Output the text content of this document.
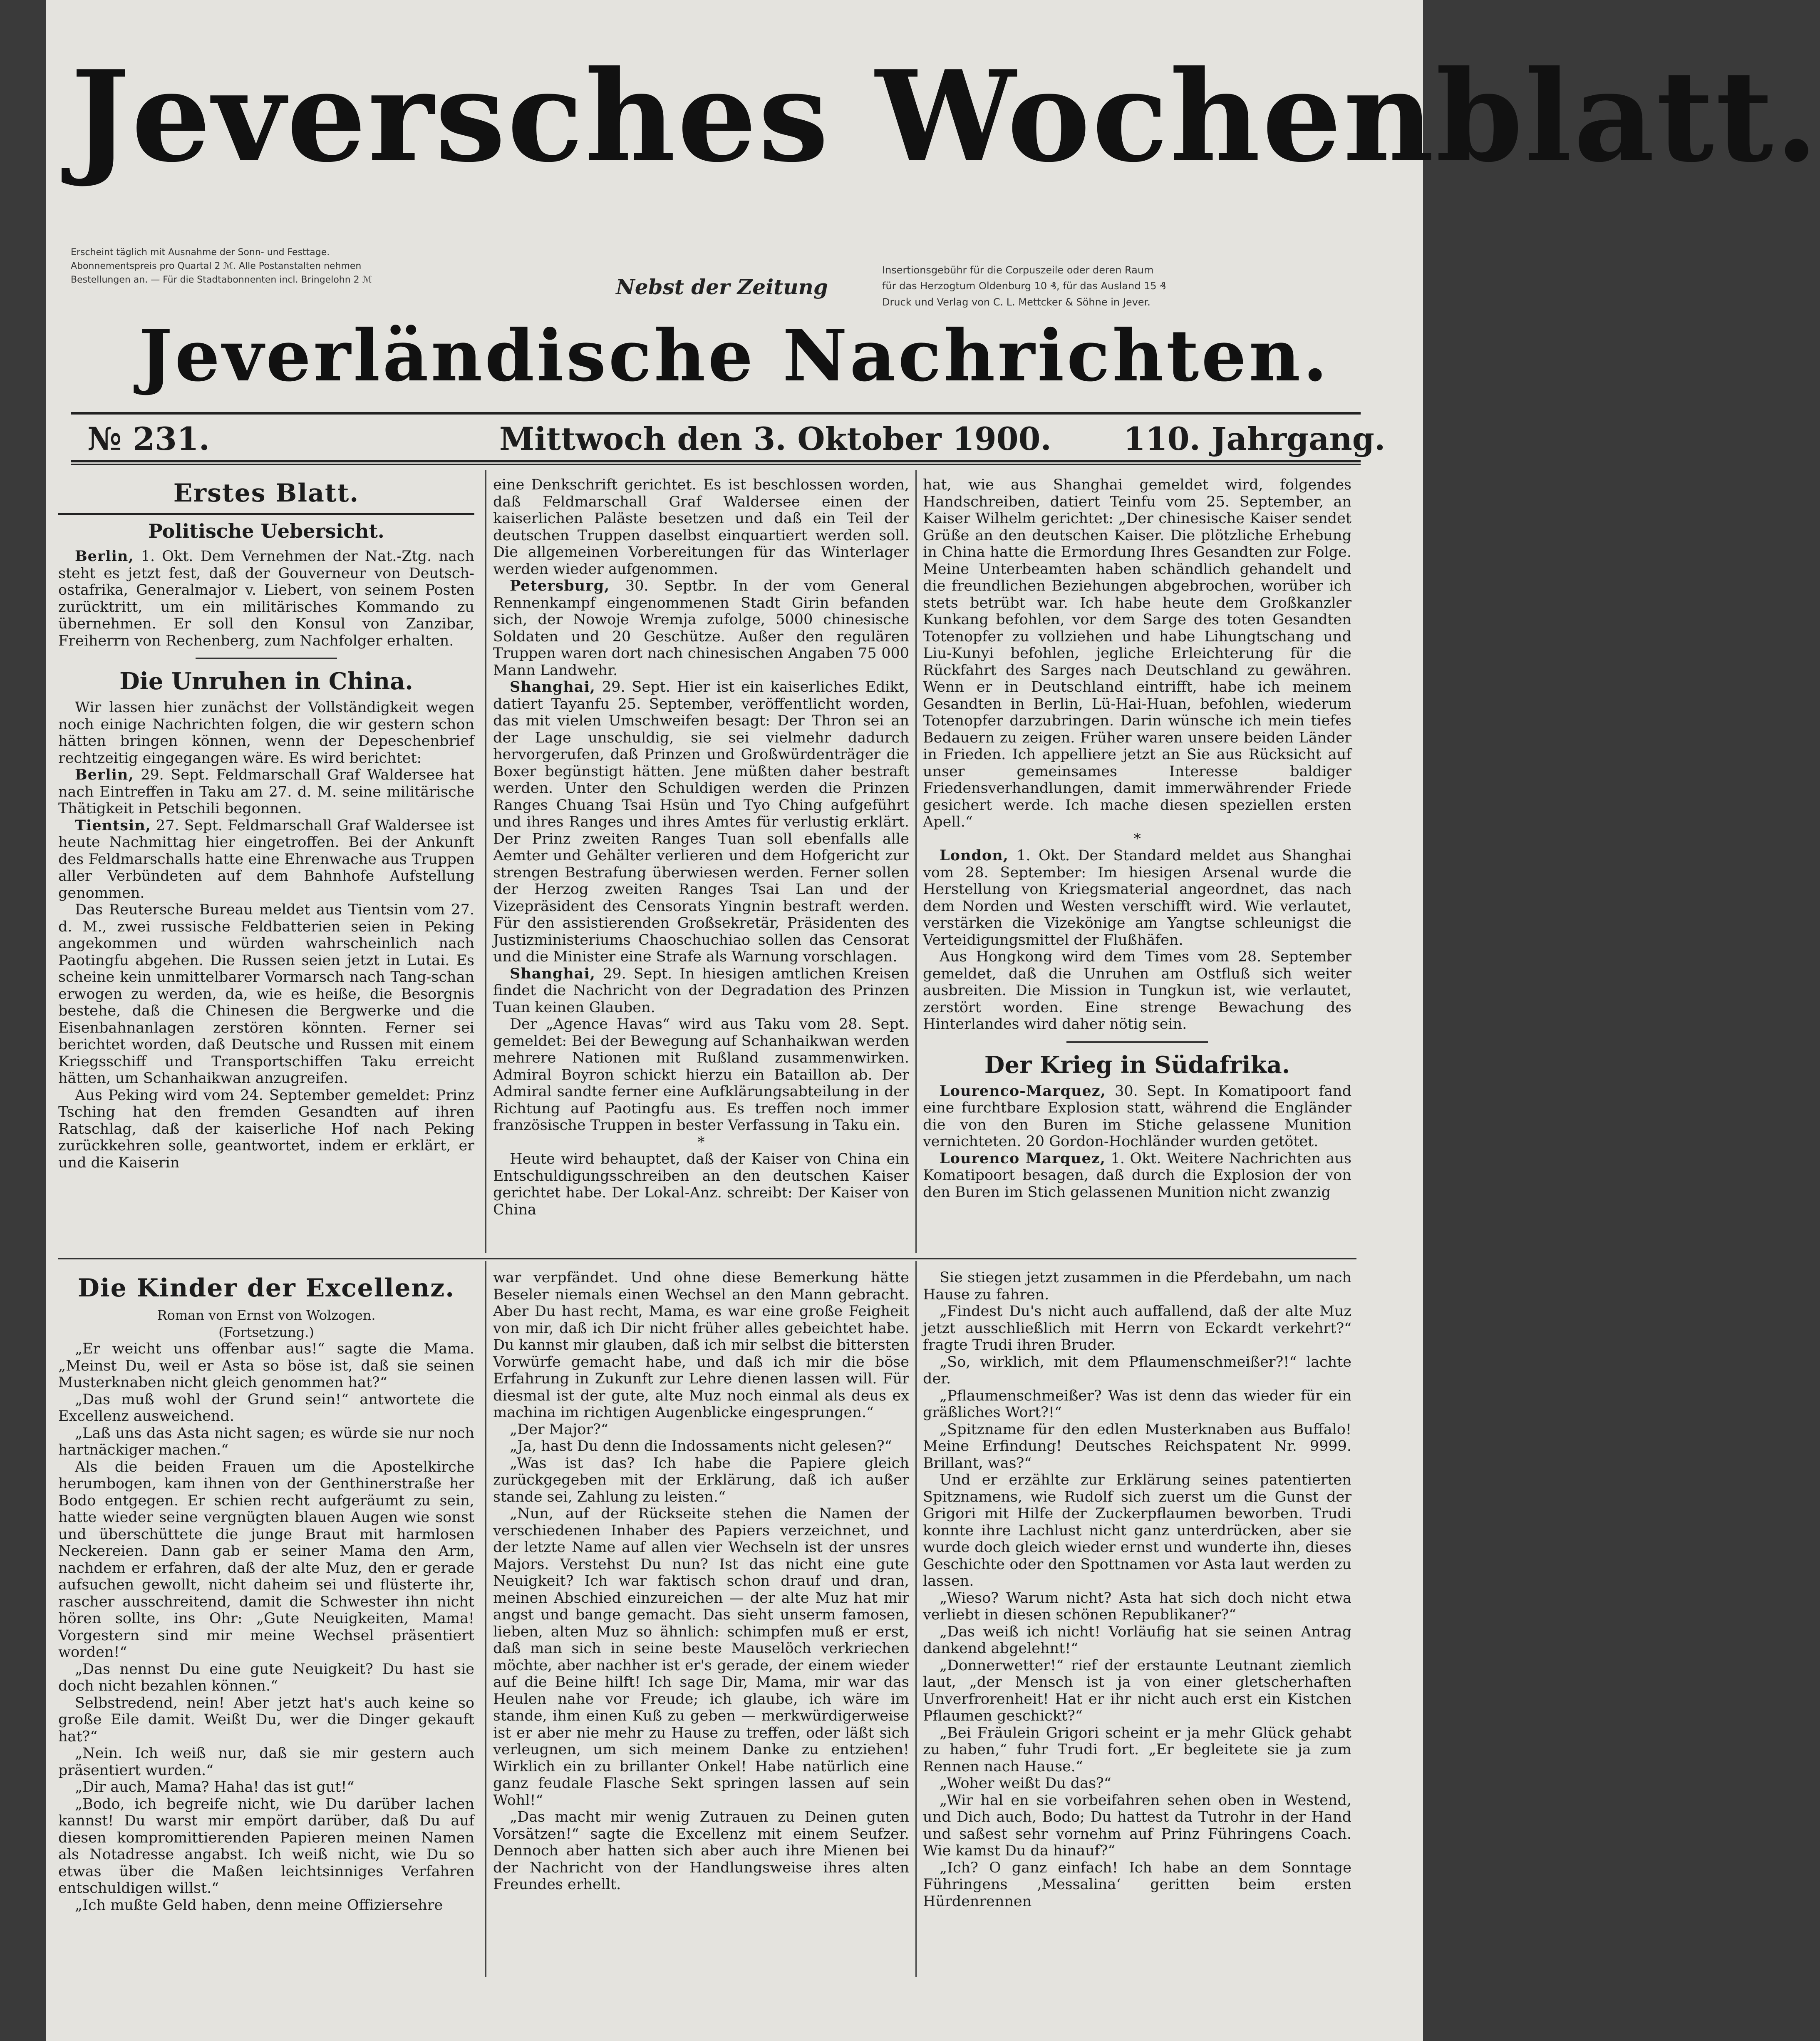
Jeversches Wochenblatt.
Erscheint täglich mit Ausnahme der Sonn- und Festtage.
Abonnementspreis pro Quartal 2 ℳ. Alle Postanstalten nehmen
Bestellungen an. — Für die Stadtabonnenten incl. Bringelohn 2 ℳ	Nebst der Zeitung
Insertionsgebühr für die Corpuszeile oder deren Raum
für das Herzogtum Oldenburg 10 ₰, für das Ausland 15 ₰
Druck und Verlag von C. L. Mettcker & Söhne in Jever.
Jeverländische Nachrichten.
№ 231.	Mittwoch den 3. Oktober 1900. 110. Jahrgang.
Erstes Blatt.
Politische Uebersicht.

Berlin, 1. Okt. Dem Vernehmen der Nat.-Ztg. nach steht es jetzt fest, daß der Gouverneur von Deutsch-ostafrika, Generalmajor v. Liebert, von seinem Posten zurücktritt, um ein militärisches Kommando zu übernehmen. Er soll den Konsul von Zanzibar, Freiherrn von Rechenberg, zum Nachfolger erhalten.

Die Unruhen in China.

Wir lassen hier zunächst der Vollständigkeit wegen noch einige Nachrichten folgen, die wir gestern schon hätten bringen können, wenn der Depeschenbrief rechtzeitig eingegangen wäre. Es wird berichtet:

Berlin, 29. Sept. Feldmarschall Graf Waldersee hat nach Eintreffen in Taku am 27. d. M. seine militärische Thätigkeit in Petschili begonnen.

Tientsin, 27. Sept. Feldmarschall Graf Waldersee ist heute Nachmittag hier eingetroffen. Bei der Ankunft des Feldmarschalls hatte eine Ehrenwache aus Truppen aller Verbündeten auf dem Bahnhofe Aufstellung genommen.

Das Reutersche Bureau meldet aus Tientsin vom 27. d. M., zwei russische Feldbatterien seien in Peking angekommen und würden wahrscheinlich nach Paotingfu abgehen. Die Russen seien jetzt in Lutai. Es scheine kein unmittelbarer Vormarsch nach Tang-schan erwogen zu werden, da, wie es heiße, die Besorgnis bestehe, daß die Chinesen die Bergwerke und die Eisenbahnanlagen zerstören könnten. Ferner sei berichtet worden, daß Deutsche und Russen mit einem Kriegsschiff und Transportschiffen Taku erreicht hätten, um Schanhaikwan anzugreifen.

Aus Peking wird vom 24. September gemeldet: Prinz Tsching hat den fremden Gesandten auf ihren Ratschlag, daß der kaiserliche Hof nach Peking zurückkehren solle, geantwortet, indem er erklärt, er und die Kaiserin

eine Denkschrift gerichtet. Es ist beschlossen worden, daß Feldmarschall Graf Waldersee einen der kaiserlichen Paläste besetzen und daß ein Teil der deutschen Truppen daselbst einquartiert werden soll. Die allgemeinen Vorbereitungen für das Winterlager werden wieder aufgenommen.

Petersburg, 30. Septbr. In der vom General Rennenkampf eingenommenen Stadt Girin befanden sich, der Nowoje Wremja zufolge, 5000 chinesische Soldaten und 20 Geschütze. Außer den regulären Truppen waren dort nach chinesischen Angaben 75 000 Mann Landwehr.

Shanghai, 29. Sept. Hier ist ein kaiserliches Edikt, datiert Tayanfu 25. September, veröffentlicht worden, das mit vielen Umschweifen besagt: Der Thron sei an der Lage unschuldig, sie sei vielmehr dadurch hervorgerufen, daß Prinzen und Großwürdenträger die Boxer begünstigt hätten. Jene müßten daher bestraft werden. Unter den Schuldigen werden die Prinzen Ranges Chuang Tsai Hsün und Tyo Ching aufgeführt und ihres Ranges und ihres Amtes für verlustig erklärt. Der Prinz zweiten Ranges Tuan soll ebenfalls alle Aemter und Gehälter verlieren und dem Hofgericht zur strengen Bestrafung überwiesen werden. Ferner sollen der Herzog zweiten Ranges Tsai Lan und der Vizepräsident des Censorats Yingnin bestraft werden. Für den assistierenden Großsekretär, Präsidenten des Justizministeriums Chaoschuchiao sollen das Censorat und die Minister eine Strafe als Warnung vorschlagen.

Shanghai, 29. Sept. In hiesigen amtlichen Kreisen findet die Nachricht von der Degradation des Prinzen Tuan keinen Glauben.

Der „Agence Havas“ wird aus Taku vom 28. Sept. gemeldet: Bei der Bewegung auf Schanhaikwan werden mehrere Nationen mit Rußland zusammenwirken. Admiral Boyron schickt hierzu ein Bataillon ab. Der Admiral sandte ferner eine Aufklärungsabteilung in der Richtung auf Paotingfu aus. Es treffen noch immer französische Truppen in bester Verfassung in Taku ein.

*

Heute wird behauptet, daß der Kaiser von China ein Entschuldigungsschreiben an den deutschen Kaiser gerichtet habe. Der Lokal-Anz. schreibt: Der Kaiser von China

hat, wie aus Shanghai gemeldet wird, folgendes Handschreiben, datiert Teinfu vom 25. September, an Kaiser Wilhelm gerichtet: „Der chinesische Kaiser sendet Grüße an den deutschen Kaiser. Die plötzliche Erhebung in China hatte die Ermordung Ihres Gesandten zur Folge. Meine Unterbeamten haben schändlich gehandelt und die freundlichen Beziehungen abgebrochen, worüber ich stets betrübt war. Ich habe heute dem Großkanzler Kunkang befohlen, vor dem Sarge des toten Gesandten Totenopfer zu vollziehen und habe Lihungtschang und Liu-Kunyi befohlen, jegliche Erleichterung für die Rückfahrt des Sarges nach Deutschland zu gewähren. Wenn er in Deutschland eintrifft, habe ich meinem Gesandten in Berlin, Lü-Hai-Huan, befohlen, wiederum Totenopfer darzubringen. Darin wünsche ich mein tiefes Bedauern zu zeigen. Früher waren unsere beiden Länder in Frieden. Ich appelliere jetzt an Sie aus Rücksicht auf unser gemeinsames Interesse baldiger Friedensverhandlungen, damit immerwährender Friede gesichert werde. Ich mache diesen speziellen ersten Apell.“

*

London, 1. Okt. Der Standard meldet aus Shanghai vom 28. September: Im hiesigen Arsenal wurde die Herstellung von Kriegsmaterial angeordnet, das nach dem Norden und Westen verschifft wird. Wie verlautet, verstärken die Vizekönige am Yangtse schleunigst die Verteidigungsmittel der Flußhäfen.

Aus Hongkong wird dem Times vom 28. September gemeldet, daß die Unruhen am Ostfluß sich weiter ausbreiten. Die Mission in Tungkun ist, wie verlautet, zerstört worden. Eine strenge Bewachung des Hinterlandes wird daher nötig sein.

Der Krieg in Südafrika.

Lourenco-Marquez, 30. Sept. In Komatipoort fand eine furchtbare Explosion statt, während die Engländer die von den Buren im Stiche gelassene Munition vernichteten. 20 Gordon-Hochländer wurden getötet.

Lourenco Marquez, 1. Okt. Weitere Nachrichten aus Komatipoort besagen, daß durch die Explosion der von den Buren im Stich gelassenen Munition nicht zwanzig

Die Kinder der Excellenz.

Roman von Ernst von Wolzogen.

(Fortsetzung.)

„Er weicht uns offenbar aus!“ sagte die Mama. „Meinst Du, weil er Asta so böse ist, daß sie seinen Musterknaben nicht gleich genommen hat?“

„Das muß wohl der Grund sein!“ antwortete die Excellenz ausweichend.

„Laß uns das Asta nicht sagen; es würde sie nur noch hartnäckiger machen.“

Als die beiden Frauen um die Apostelkirche herumbogen, kam ihnen von der Genthinerstraße her Bodo entgegen. Er schien recht aufgeräumt zu sein, hatte wieder seine vergnügten blauen Augen wie sonst und überschüttete die junge Braut mit harmlosen Neckereien. Dann gab er seiner Mama den Arm, nachdem er erfahren, daß der alte Muz, den er gerade aufsuchen gewollt, nicht daheim sei und flüsterte ihr, rascher ausschreitend, damit die Schwester ihn nicht hören sollte, ins Ohr: „Gute Neuigkeiten, Mama! Vorgestern sind mir meine Wechsel präsentiert worden!“

„Das nennst Du eine gute Neuigkeit? Du hast sie doch nicht bezahlen können.“

Selbstredend, nein! Aber jetzt hat's auch keine so große Eile damit. Weißt Du, wer die Dinger gekauft hat?“

„Nein. Ich weiß nur, daß sie mir gestern auch präsentiert wurden.“

„Dir auch, Mama? Haha! das ist gut!“

„Bodo, ich begreife nicht, wie Du darüber lachen kannst! Du warst mir empört darüber, daß Du auf diesen kompromittierenden Papieren meinen Namen als Notadresse angabst. Ich weiß nicht, wie Du so etwas über die Maßen leichtsinniges Verfahren entschuldigen willst.“

„Ich mußte Geld haben, denn meine Offiziersehre

war verpfändet. Und ohne diese Bemerkung hätte Beseler niemals einen Wechsel an den Mann gebracht. Aber Du hast recht, Mama, es war eine große Feigheit von mir, daß ich Dir nicht früher alles gebeichtet habe. Du kannst mir glauben, daß ich mir selbst die bittersten Vorwürfe gemacht habe, und daß ich mir die böse Erfahrung in Zukunft zur Lehre dienen lassen will. Für diesmal ist der gute, alte Muz noch einmal als deus ex machina im richtigen Augenblicke eingesprungen.“

„Der Major?“

„Ja, hast Du denn die Indossaments nicht gelesen?“

„Was ist das? Ich habe die Papiere gleich zurückgegeben mit der Erklärung, daß ich außer stande sei, Zahlung zu leisten.“

„Nun, auf der Rückseite stehen die Namen der verschiedenen Inhaber des Papiers verzeichnet, und der letzte Name auf allen vier Wechseln ist der unsres Majors. Verstehst Du nun? Ist das nicht eine gute Neuigkeit? Ich war faktisch schon drauf und dran, meinen Abschied einzureichen — der alte Muz hat mir angst und bange gemacht. Das sieht unserm famosen, lieben, alten Muz so ähnlich: schimpfen muß er erst, daß man sich in seine beste Mauselöch verkriechen möchte, aber nachher ist er's gerade, der einem wieder auf die Beine hilft! Ich sage Dir, Mama, mir war das Heulen nahe vor Freude; ich glaube, ich wäre im stande, ihm einen Kuß zu geben — merkwürdigerweise ist er aber nie mehr zu Hause zu treffen, oder läßt sich verleugnen, um sich meinem Danke zu entziehen! Wirklich ein zu brillanter Onkel! Habe natürlich eine ganz feudale Flasche Sekt springen lassen auf sein Wohl!“

„Das macht mir wenig Zutrauen zu Deinen guten Vorsätzen!“ sagte die Excellenz mit einem Seufzer. Dennoch aber hatten sich aber auch ihre Mienen bei der Nachricht von der Handlungsweise ihres alten Freundes erhellt.

Sie stiegen jetzt zusammen in die Pferdebahn, um nach Hause zu fahren.

„Findest Du's nicht auch auffallend, daß der alte Muz jetzt ausschließlich mit Herrn von Eckardt verkehrt?“ fragte Trudi ihren Bruder.

„So, wirklich, mit dem Pflaumenschmeißer?!“ lachte der.

„Pflaumenschmeißer? Was ist denn das wieder für ein gräßliches Wort?!“

„Spitzname für den edlen Musterknaben aus Buffalo! Meine Erfindung! Deutsches Reichspatent Nr. 9999. Brillant, was?“

Und er erzählte zur Erklärung seines patentierten Spitznamens, wie Rudolf sich zuerst um die Gunst der Grigori mit Hilfe der Zuckerpflaumen beworben. Trudi konnte ihre Lachlust nicht ganz unterdrücken, aber sie wurde doch gleich wieder ernst und wunderte ihn, dieses Geschichte oder den Spottnamen vor Asta laut werden zu lassen.

„Wieso? Warum nicht? Asta hat sich doch nicht etwa verliebt in diesen schönen Republikaner?“

„Das weiß ich nicht! Vorläufig hat sie seinen Antrag dankend abgelehnt!“

„Donnerwetter!“ rief der erstaunte Leutnant ziemlich laut, „der Mensch ist ja von einer gletscherhaften Unverfrorenheit! Hat er ihr nicht auch erst ein Kistchen Pflaumen geschickt?“

„Bei Fräulein Grigori scheint er ja mehr Glück gehabt zu haben,“ fuhr Trudi fort. „Er begleitete sie ja zum Rennen nach Hause.“

„Woher weißt Du das?“

„Wir hal en sie vorbeifahren sehen oben in Westend, und Dich auch, Bodo; Du hattest da Tutrohr in der Hand und saßest sehr vornehm auf Prinz Führingens Coach. Wie kamst Du da hinauf?“

„Ich? O ganz einfach! Ich habe an dem Sonntage Führingens ‚Messalina‘ geritten beim ersten Hürdenrennen
